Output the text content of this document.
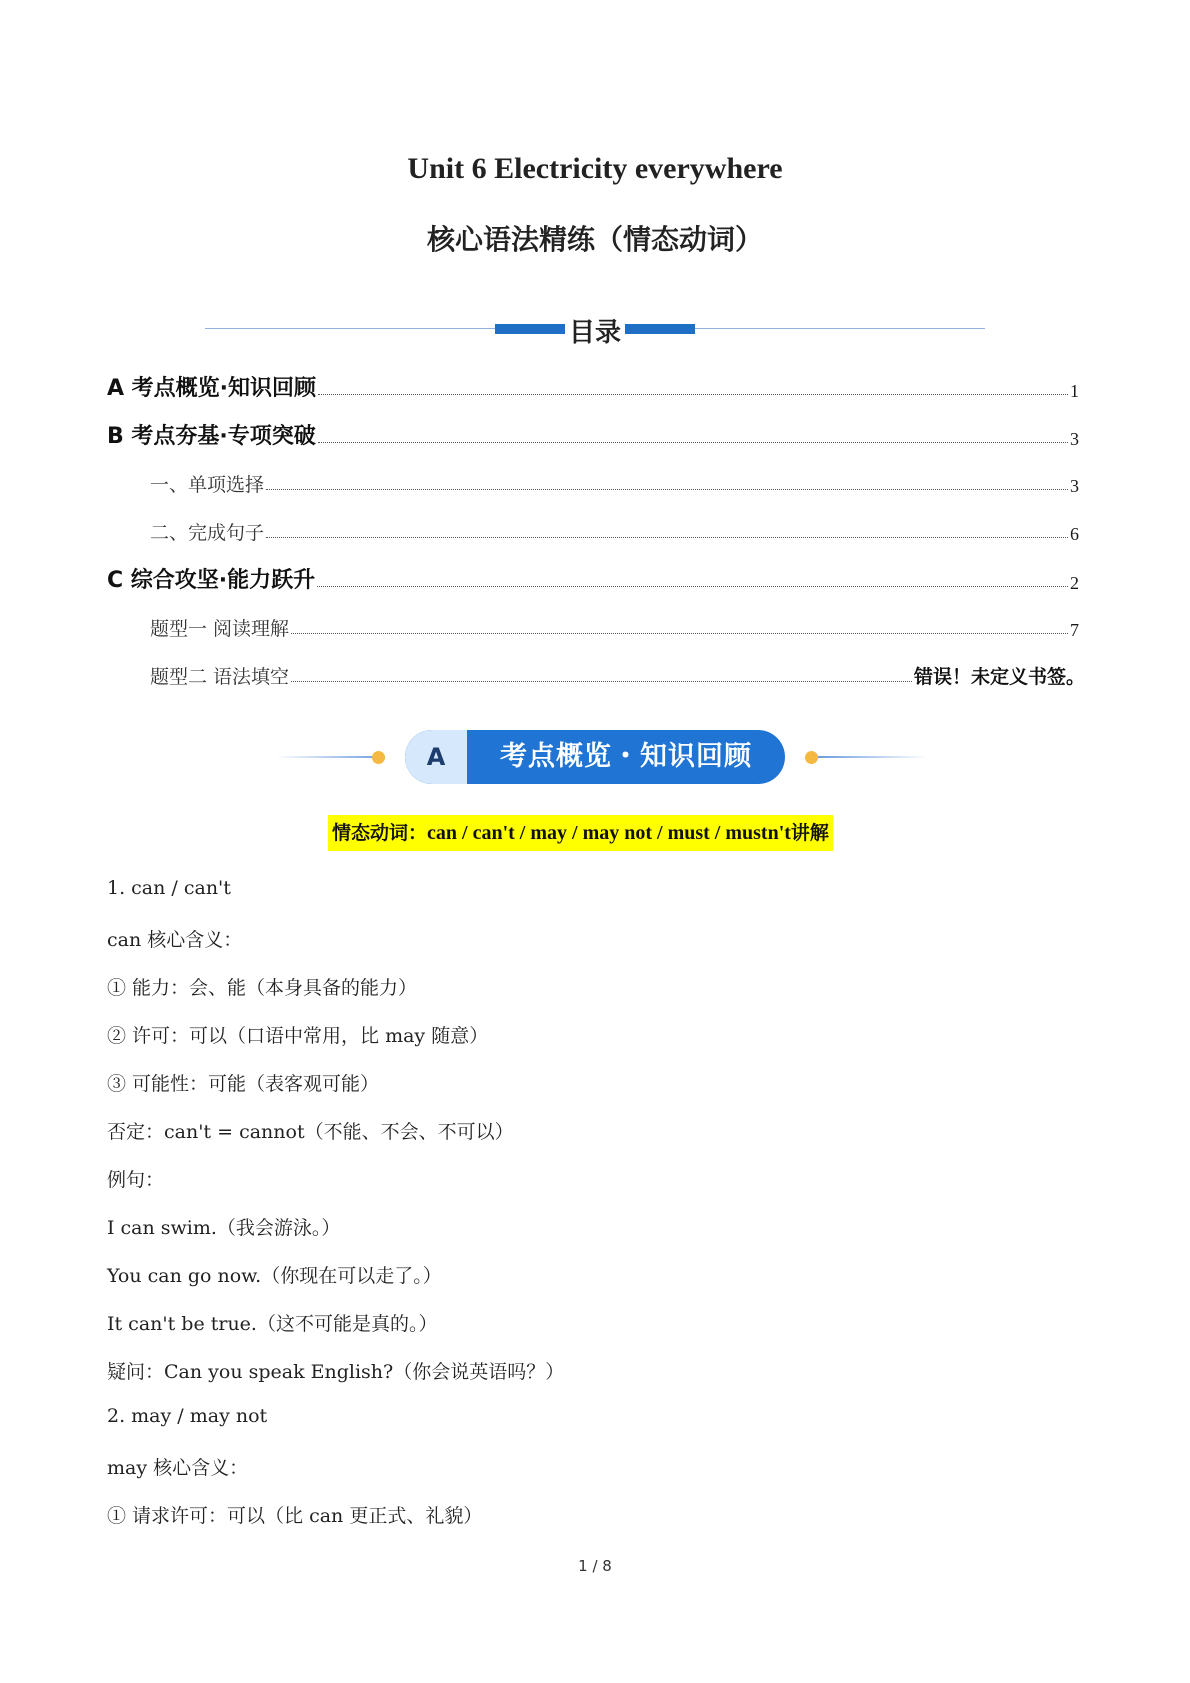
Unit 6 Electricity everywhere
核心语法精练（情态动词）
目录
A 考点概览·知识回顾	1
B 考点夯基·专项突破	3
一、单项选择	3
二、完成句子	6
C 综合攻坚·能力跃升	2
题型一 阅读理解	7
题型二 语法填空	错误！未定义书签。
A	考点概览・知识回顾
情态动词：can / can't / may / may not / must / mustn't讲解
1. can / can't
can 核心含义：
① 能力：会、能（本身具备的能力）
② 许可：可以（口语中常用，比 may 随意）
③ 可能性：可能（表客观可能）
否定：can't = cannot（不能、不会、不可以）
例句：
I can swim.（我会游泳。）
You can go now.（你现在可以走了。）
It can't be true.（这不可能是真的。）
疑问：Can you speak English?（你会说英语吗？）
2. may / may not
may 核心含义：
① 请求许可：可以（比 can 更正式、礼貌）
1 / 8
